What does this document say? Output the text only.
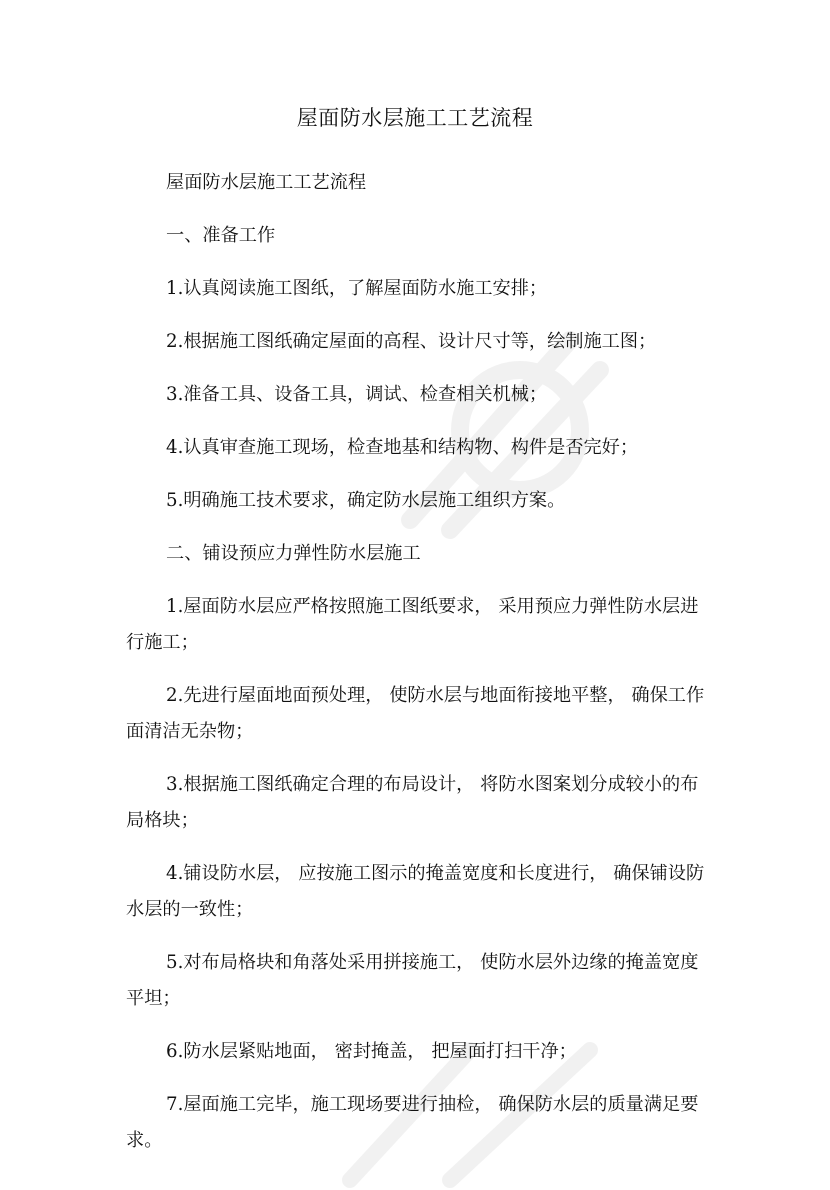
屋面防水层施工工艺流程

屋面防水层施工工艺流程

一、准备工作

1.认真阅读施工图纸，了解屋面防水施工安排；

2.根据施工图纸确定屋面的高程、设计尺寸等，绘制施工图；

3.准备工具、设备工具，调试、检查相关机械；

4.认真审查施工现场，检查地基和结构物、构件是否完好；

5.明确施工技术要求，确定防水层施工组织方案。

二、铺设预应力弹性防水层施工

1.屋面防水层应严格按照施工图纸要求， 采用预应力弹性防水层进行施工；

2.先进行屋面地面预处理， 使防水层与地面衔接地平整， 确保工作面清洁无杂物；

3.根据施工图纸确定合理的布局设计， 将防水图案划分成较小的布局格块；

4.铺设防水层， 应按施工图示的掩盖宽度和长度进行， 确保铺设防水层的一致性；

5.对布局格块和角落处采用拼接施工， 使防水层外边缘的掩盖宽度平坦；

6.防水层紧贴地面， 密封掩盖， 把屋面打扫干净；

7.屋面施工完毕，施工现场要进行抽检， 确保防水层的质量满足要求。
